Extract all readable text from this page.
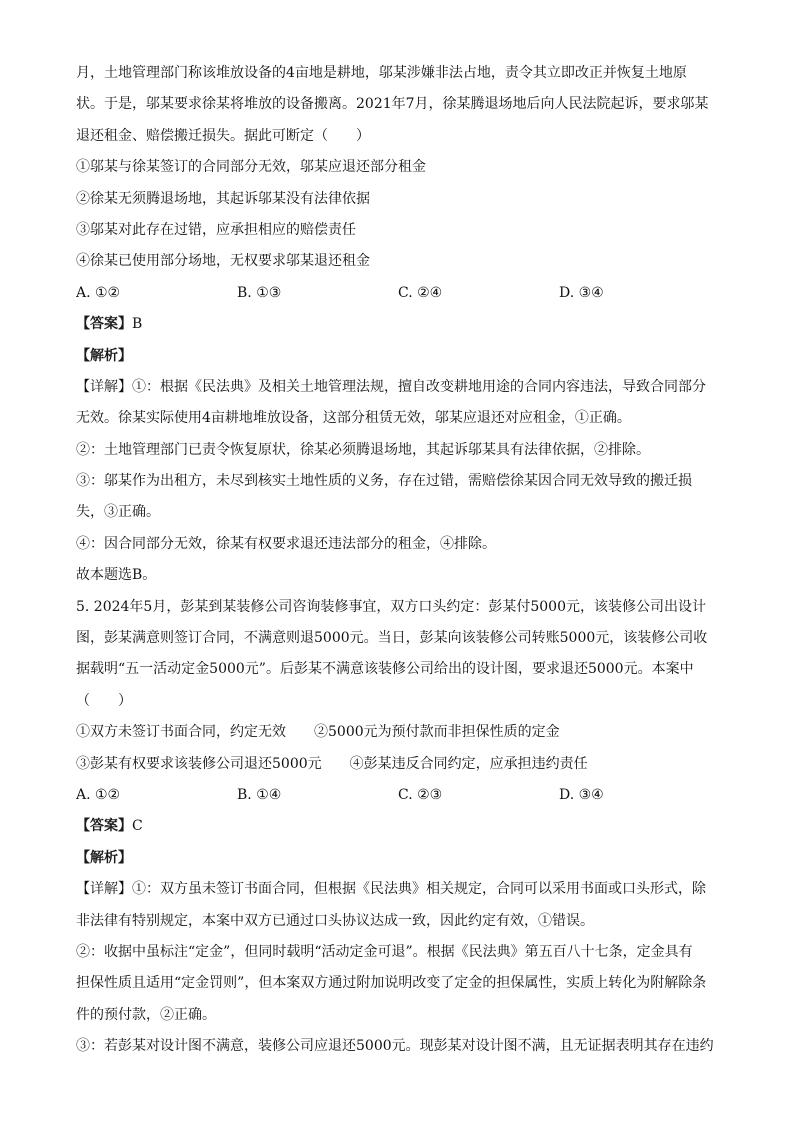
月，土地管理部门称该堆放设备的4亩地是耕地，邬某涉嫌非法占地，责令其立即改正并恢复土地原
状。于是，邬某要求徐某将堆放的设备搬离。2021年7月，徐某腾退场地后向人民法院起诉，要求邬某
退还租金、赔偿搬迁损失。据此可断定（　　）
①邬某与徐某签订的合同部分无效，邬某应退还部分租金
②徐某无须腾退场地，其起诉邬某没有法律依据
③邬某对此存在过错，应承担相应的赔偿责任
④徐某已使用部分场地，无权要求邬某退还租金
A. ①②	B. ①③	C. ②④	D. ③④
【答案】B
【解析】
【详解】①：根据《民法典》及相关土地管理法规，擅自改变耕地用途的合同内容违法，导致合同部分
无效。徐某实际使用4亩耕地堆放设备，这部分租赁无效，邬某应退还对应租金，①正确。
②：土地管理部门已责令恢复原状，徐某必须腾退场地，其起诉邬某具有法律依据，②排除。
③：邬某作为出租方，未尽到核实土地性质的义务，存在过错，需赔偿徐某因合同无效导致的搬迁损
失，③正确。
④：因合同部分无效，徐某有权要求退还违法部分的租金，④排除。
故本题选B。
5. 2024年5月，彭某到某装修公司咨询装修事宜，双方口头约定：彭某付5000元，该装修公司出设计
图，彭某满意则签订合同，不满意则退5000元。当日，彭某向该装修公司转账5000元，该装修公司收
据载明“五一活动定金5000元”。后彭某不满意该装修公司给出的设计图，要求退还5000元。本案中
（　　）
①双方未签订书面合同，约定无效 ②5000元为预付款而非担保性质的定金
③彭某有权要求该装修公司退还5000元 ④彭某违反合同约定，应承担违约责任
A. ①②	B. ①④	C. ②③	D. ③④
【答案】C
【解析】
【详解】①：双方虽未签订书面合同，但根据《民法典》相关规定，合同可以采用书面或口头形式，除
非法律有特别规定，本案中双方已通过口头协议达成一致，因此约定有效，①错误。
②：收据中虽标注“定金”，但同时载明“活动定金可退”。根据《民法典》第五百八十七条，定金具有
担保性质且适用“定金罚则”，但本案双方通过附加说明改变了定金的担保属性，实质上转化为附解除条
件的预付款，②正确。
③：若彭某对设计图不满意，装修公司应退还5000元。现彭某对设计图不满，且无证据表明其存在违约
